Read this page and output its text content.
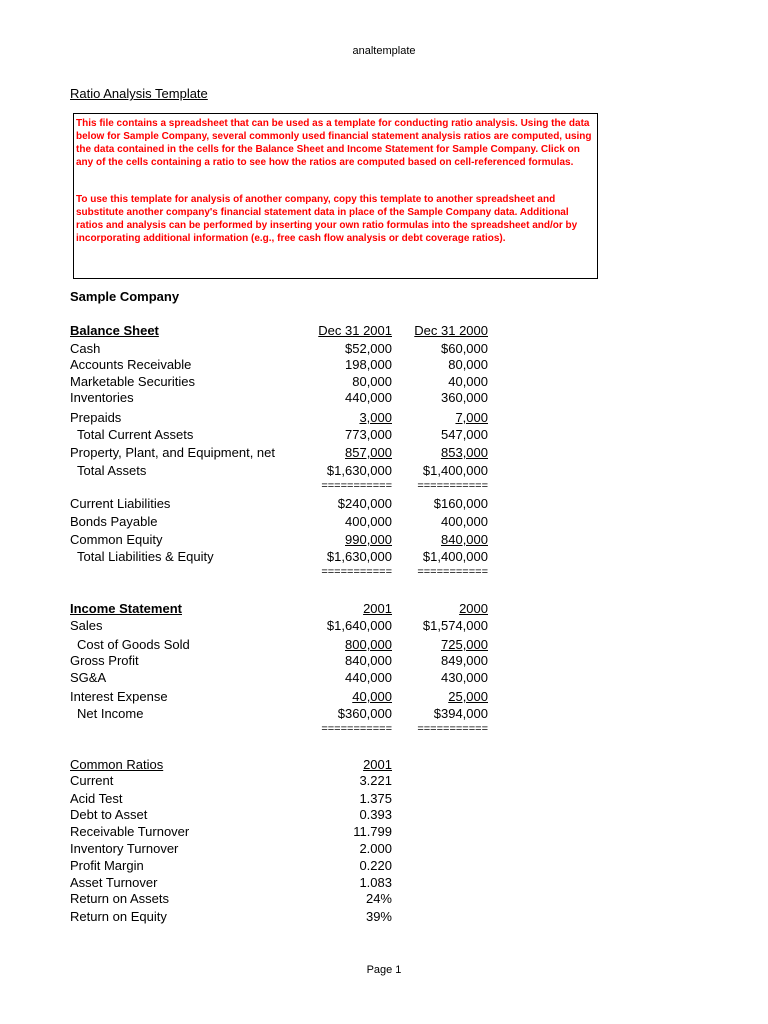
analtemplate
Ratio Analysis Template
This file contains a spreadsheet that can be used as a template for conducting ratio analysis. Using the data below for Sample Company, several commonly used financial statement analysis ratios are computed, using the data contained in the cells for the Balance Sheet and Income Statement for Sample Company. Click on any of the cells containing a ratio to see how the ratios are computed based on cell-referenced formulas.
To use this template for analysis of another company, copy this template to another spreadsheet and substitute another company's financial statement data in place of the Sample Company data. Additional ratios and analysis can be performed by inserting your own ratio formulas into the spreadsheet and/or by incorporating additional information (e.g., free cash flow analysis or debt coverage ratios).
Sample Company
Balance Sheet	Dec 31 2001 Dec 31 2000
Cash	$52,000	$60,000
Accounts Receivable	198,000	80,000
Marketable Securities	80,000	40,000
Inventories	440,000	360,000
Prepaids	3,000	7,000
Total Current Assets	773,000	547,000
Property, Plant, and Equipment, net	857,000	853,000
Total Assets	$1,630,000 $1,400,000
=========== ===========
Current Liabilities	$240,000	$160,000
Bonds Payable	400,000	400,000
Common Equity	990,000	840,000
Total Liabilities & Equity	$1,630,000 $1,400,000
=========== ===========
Income Statement	2001	2000
Sales	$1,640,000 $1,574,000
Cost of Goods Sold	800,000	725,000
Gross Profit	840,000	849,000
SG&A	440,000	430,000
Interest Expense	40,000	25,000
Net Income	$360,000	$394,000
=========== ===========
Common Ratios	2001
Current	3.221
Acid Test	1.375
Debt to Asset	0.393
Receivable Turnover	11.799
Inventory Turnover	2.000
Profit Margin	0.220
Asset Turnover	1.083
Return on Assets	24%
Return on Equity	39%
Page 1
